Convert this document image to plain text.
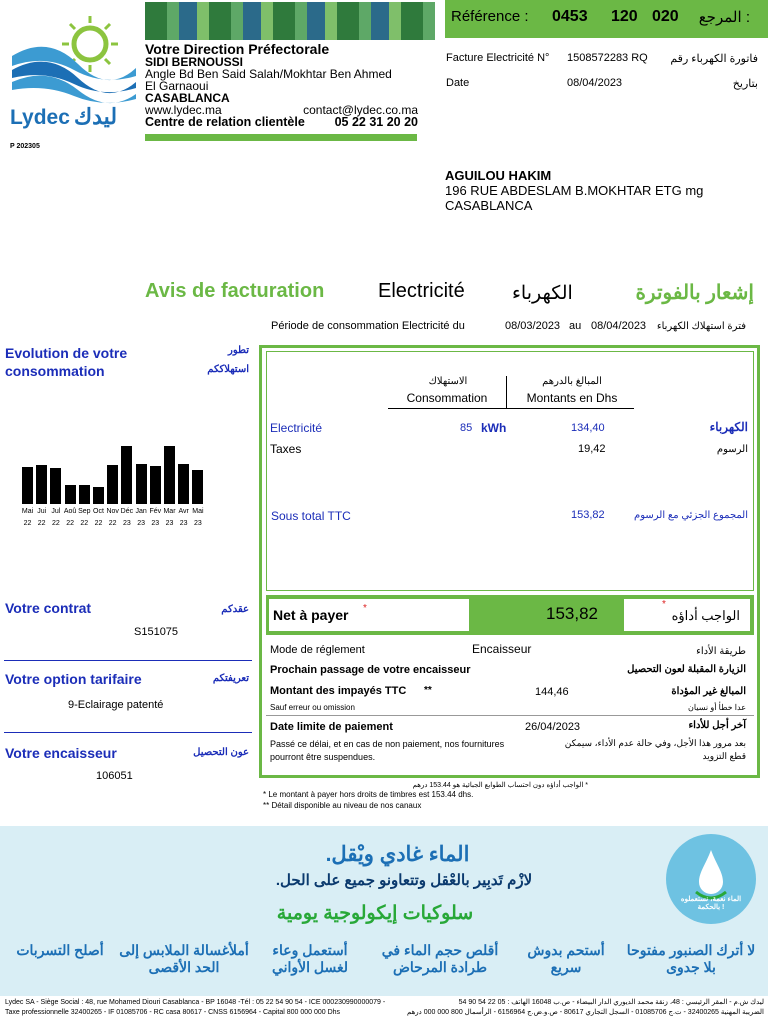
Lydec ليدك
Votre Direction Préfectorale
SIDI BERNOUSSI
Angle Bd Ben Said Salah/Mokhtar Ben Ahmed
El Garnaoui
CASABLANCA
www.lydec.ma	contact@lydec.co.ma
Centre de relation clientèle 05 22 31 20 20
P 202305
Référence : 0453 120 020 المرجع :
Facture Electricité N° 1508572283 RQ فاتورة الكهرباء رقم
Date	08/04/2023	بتاريخ
AGUILOU HAKIM
196 RUE ABDESLAM B.MOKHTAR ETG mg
CASABLANCA
Avis de facturation	Electricité الكهرباء	إشعار بالفوترة
Période de consommation Electricité du	08/03/2023 au 08/04/2023 فترة استهلاك الكهرباء
Evolution de votre consommation
تطور
استهلاككم
Mai
22
Jui
22
Jul
22
Aoû
22
Sep
22
Oct
22
Nov
22
Déc
23
Jan
23
Fév
23
Mar
23
Avr
23
Mai
23
Votre contrat	عقدكم
S151075
Votre option tarifaire	تعريفتكم
9-Eclairage patenté
Votre encaisseur	عون التحصيل
106051
الاستهلاك
Consommation
المبالغ بالدرهم
Montants en Dhs
Electricité	85 kWh	134,40	الكهرباء
Taxes	19,42	الرسوم
Sous total TTC	153,82	المجموع الجزئي مع الرسوم
Net à payer *	153,82	*
الواجب أداؤه
Mode de réglement	Encaisseur	طريقة الأداء
Prochain passage de votre encaisseur	الزيارة المقبلة لعون التحصيل
Montant des impayés TTC **	144,46	المبالغ غير المؤداة
Sauf erreur ou omission	عدا خطأ أو نسيان
Date limite de paiement	26/04/2023	آخر أجل للأداء
Passé ce délai, et en cas de non paiement, nos fournitures pourront être suspendues.
بعد مرور هذا الأجل، وفي حالة عدم الأداء، سيمكن قطع التزويد
* Le montant à payer hors droits de timbres est 153.44 dhs.
** Détail disponible au niveau de nos canaux
* الواجب أداؤه دون احتساب الطوابع الجبائية هو 153.44 درهم
الماء غادي ويْقل.
لازْم تَدبِير بالعْقل وتتعاونو جميع على الحل.
سلوكيات إيكولوجية يومية
الماء نعمة، نستعملوه بالحكمة !
أصلح التسربات	أملأغسالة الملابس إلى الحد الأقصى
أستعمل وعاء لغسل الأواني
أقلص حجم الماء في طرادة المرحاض
أستحم بدوش سريع
لا أترك الصنبور مفتوحا بلا جدوى
Lydec SA - Siège Social : 48, rue Mohamed Diouri Casablanca - BP 16048 -Tél : 05 22 54 90 54 - ICE 000230990000079 -
Taxe professionnelle 32400265 - IF 01085706 - RC casa 80617 - CNSS 6156964 - Capital 800 000 000 Dhs
ليدك ش.م - المقر الرئيسي : 48، زنقة محمد الديوري الدار البيضاء - ص.ب 16048 الهاتف : 05 22 54 90 54
الضريبة المهنية 32400265 - ت.ج 01085706 - السجل التجاري 80617 - ص.و.ض.ج 6156964 - الرأسمال 800 000 000 درهم
